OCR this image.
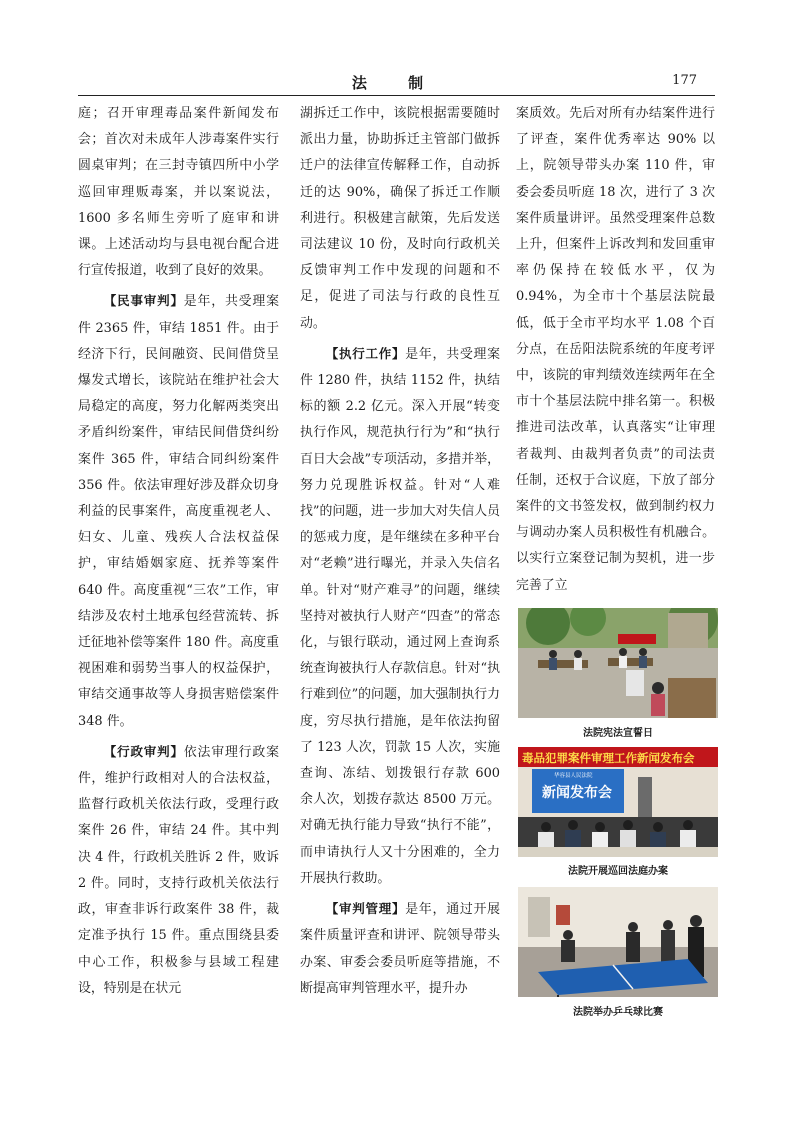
法 制	177

庭；召开审理毒品案件新闻发布会；首次对未成年人涉毒案件实行圆桌审判；在三封寺镇四所中小学巡回审理贩毒案，并以案说法，1600 多名师生旁听了庭审和讲课。上述活动均与县电视台配合进行宣传报道，收到了良好的效果。

【民事审判】是年，共受理案件 2365 件，审结 1851 件。由于经济下行，民间融资、民间借贷呈爆发式增长，该院站在维护社会大局稳定的高度，努力化解两类突出矛盾纠纷案件，审结民间借贷纠纷案件 365 件，审结合同纠纷案件 356 件。依法审理好涉及群众切身利益的民事案件，高度重视老人、妇女、儿童、残疾人合法权益保护，审结婚姻家庭、抚养等案件 640 件。高度重视“三农”工作，审结涉及农村土地承包经营流转、拆迁征地补偿等案件 180 件。高度重视困难和弱势当事人的权益保护，审结交通事故等人身损害赔偿案件 348 件。

【行政审判】依法审理行政案件，维护行政相对人的合法权益，监督行政机关依法行政，受理行政案件 26 件，审结 24 件。其中判决 4 件，行政机关胜诉 2 件，败诉 2 件。同时，支持行政机关依法行政，审查非诉行政案件 38 件，裁定准予执行 15 件。重点围绕县委中心工作，积极参与县域工程建设，特别是在状元

湖拆迁工作中，该院根据需要随时派出力量，协助拆迁主管部门做拆迁户的法律宣传解释工作，自动拆迁的达 90%，确保了拆迁工作顺利进行。积极建言献策，先后发送司法建议 10 份，及时向行政机关反馈审判工作中发现的问题和不足，促进了司法与行政的良性互动。

【执行工作】是年，共受理案件 1280 件，执结 1152 件，执结标的额 2.2 亿元。深入开展“转变执行作风，规范执行行为”和“执行百日大会战”专项活动，多措并举，努力兑现胜诉权益。针对“人难找”的问题，进一步加大对失信人员的惩戒力度，是年继续在多种平台对“老赖”进行曝光，并录入失信名单。针对“财产难寻”的问题，继续坚持对被执行人财产“四查”的常态化，与银行联动，通过网上查询系统查询被执行人存款信息。针对“执行难到位”的问题，加大强制执行力度，穷尽执行措施，是年依法拘留了 123 人次，罚款 15 人次，实施查询、冻结、划拨银行存款 600 余人次，划拨存款达 8500 万元。对确无执行能力导致“执行不能”，而申请执行人又十分困难的，全力开展执行救助。

【审判管理】是年，通过开展案件质量评查和讲评、院领导带头办案、审委会委员听庭等措施，不断提高审判管理水平，提升办

案质效。先后对所有办结案件进行了评查，案件优秀率达 90% 以上，院领导带头办案 110 件，审委会委员听庭 18 次，进行了 3 次案件质量讲评。虽然受理案件总数上升，但案件上诉改判和发回重审率仍保持在较低水平，仅为 0.94%，为全市十个基层法院最低，低于全市平均水平 1.08 个百分点，在岳阳法院系统的年度考评中，该院的审判绩效连续两年在全市十个基层法院中排名第一。积极推进司法改革，认真落实“让审理者裁判、由裁判者负责”的司法责任制，还权于合议庭，下放了部分案件的文书签发权，做到制约权力与调动办案人员积极性有机融合。以实行立案登记制为契机，进一步完善了立

法院宪法宣誓日
毒品犯罪案件审理工作新闻发布会
华容县人民法院
新闻发布会
法院开展巡回法庭办案
法院举办乒乓球比赛
